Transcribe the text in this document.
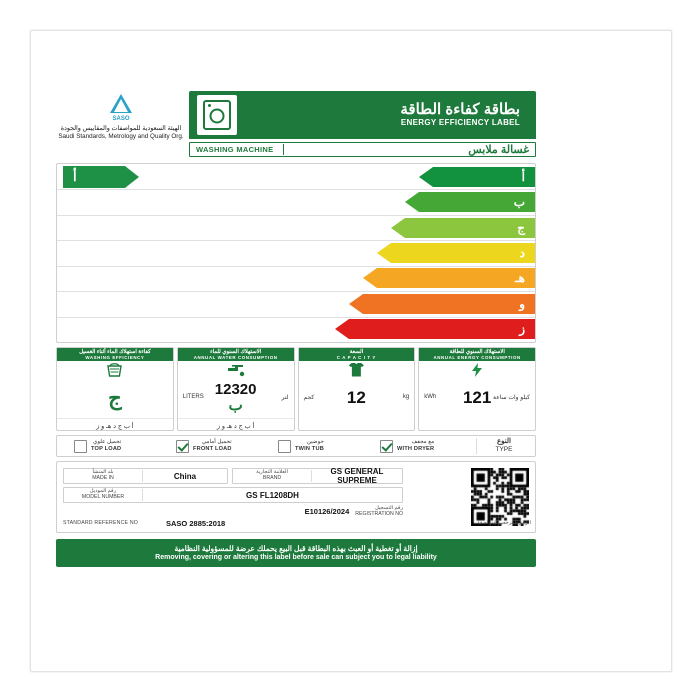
SASO
الهيئة السعودية للمواصفات والمقاييس والجودة
Saudi Standards, Metrology and Quality Org.
بطاقة كفاءة الطاقة
ENERGY EFFICIENCY LABEL
WASHING MACHINE	غسالة ملابس
أ
ب
ج
د
هـ
و
ز
أ
كفاءة استهلاك الماء أثناء الغسيل
WASHING EFFICIENCY
ج
أ ب ج د هـ و ز
الاستهلاك السنوي للماء
ANNUAL WATER CONSUMPTION
LITERS	لتر
12320
ب
أ ب ج د هـ و ز
السعة
C A P A C I T Y
كجم	kg
12
الاستهلاك السنوي للطاقة
ANNUAL ENERGY CONSUMPTION
kWh	كيلو وات ساعة
121
تحميل علوي
TOP LOAD
تحميل أمامي
FRONT LOAD
حوضين
TWIN TUB
مع مجفف
WITH DRYER
النوع
TYPE
بلد المنشأ
MADE IN	China	العلامة التجارية
BRAND
GS GENERAL SUPREME
رقم الموديل
MODEL NUMBER	GS FL1208DH
E10126/2024	رقم التسجيل
REGISTRATION NO
STANDARD REFERENCE NO	SASO 2885:2018	الرقم المرجعي للمواصفة
إزالة أو تغطية أو العبث بهذه البطاقة قبل البيع يحملك عرضة للمسؤولية النظامية
Removing, covering or altering this label before sale can subject you to legal liability
